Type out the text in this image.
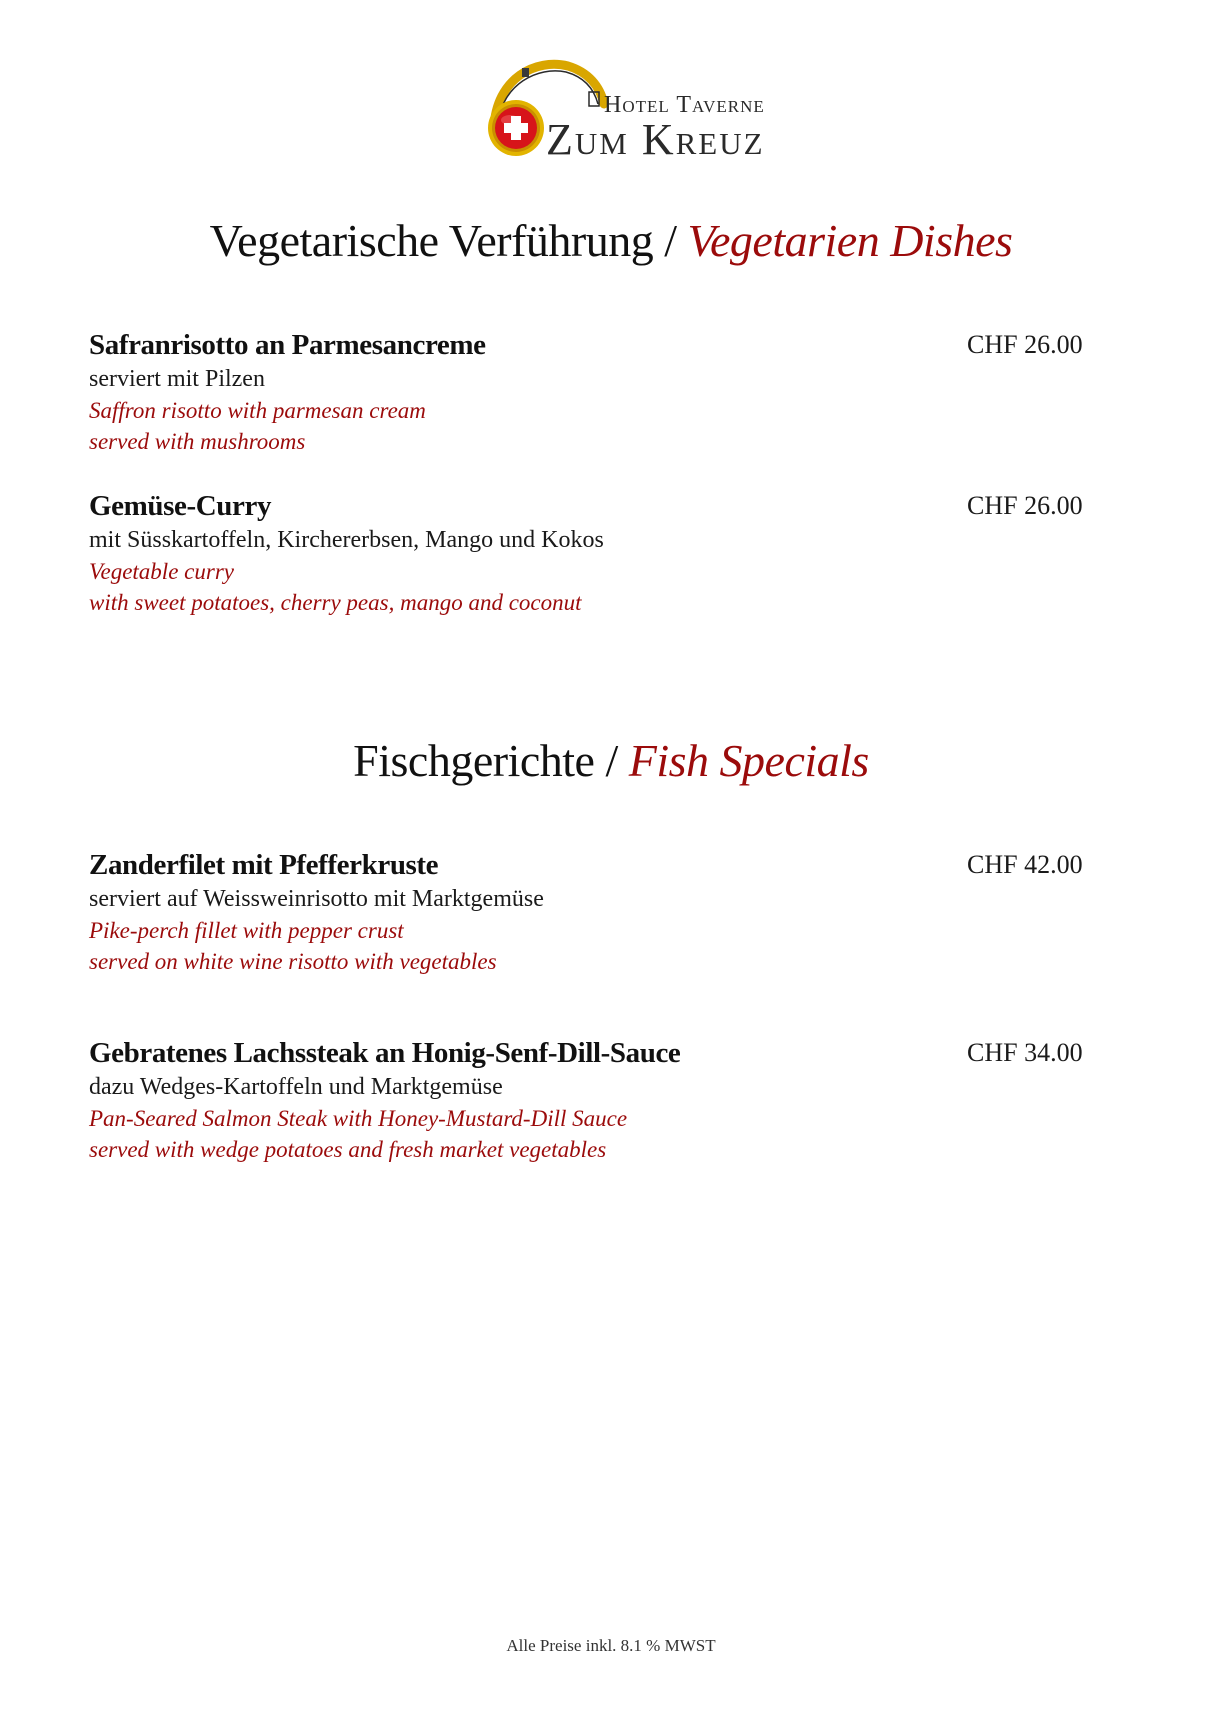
Hotel Taverne
Zum Kreuz
Vegetarische Verführung / Vegetarien Dishes
Safranrisotto an Parmesancreme	CHF 26.00
serviert mit Pilzen
Saffron risotto with parmesan cream
served with mushrooms
Gemüse-Curry	CHF 26.00
mit Süsskartoffeln, Kirchererbsen, Mango und Kokos
Vegetable curry
with sweet potatoes, cherry peas, mango and coconut
Fischgerichte / Fish Specials
Zanderfilet mit Pfefferkruste	CHF 42.00
serviert auf Weissweinrisotto mit Marktgemüse
Pike-perch fillet with pepper crust
served on white wine risotto with vegetables
Gebratenes Lachssteak an Honig-Senf-Dill-Sauce	CHF 34.00
dazu Wedges-Kartoffeln und Marktgemüse
Pan-Seared Salmon Steak with Honey-Mustard-Dill Sauce
served with wedge potatoes and fresh market vegetables
Alle Preise inkl. 8.1 % MWST
